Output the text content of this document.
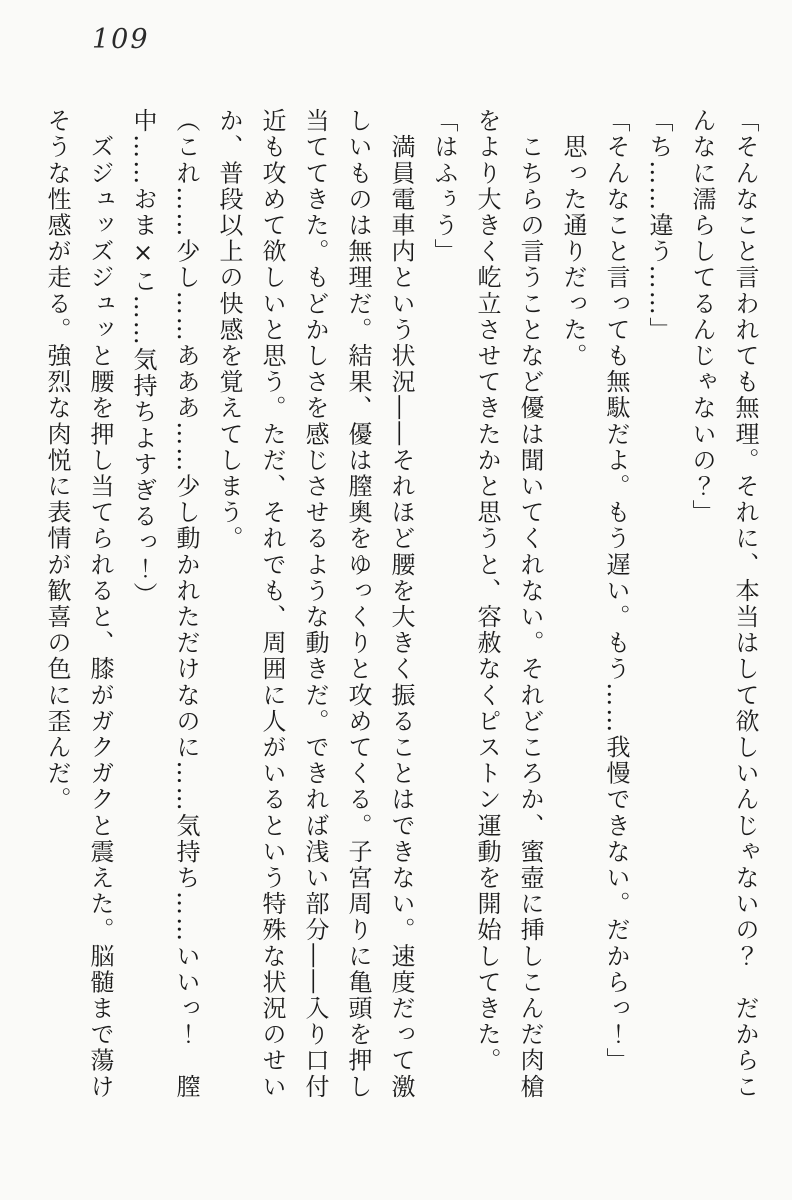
109

「そんなこと言われても無理。それに、本当はして欲しいんじゃないの？　だからこんなに濡らしてるんじゃないの？」

「ち……違う……」

「そんなこと言っても無駄だよ。もう遅い。もう……我慢できない。だからっ！」

　思った通りだった。

　こちらの言うことなど優は聞いてくれない。それどころか、蜜壺に挿しこんだ肉槍をより大きく屹立させてきたかと思うと、容赦なくピストン運動を開始してきた。

「はふぅう」

　満員電車内という状況――それほど腰を大きく振ることはできない。速度だって激しいものは無理だ。結果、優は膣奥をゆっくりと攻めてくる。子宮周りに亀頭を押し当ててきた。もどかしさを感じさせるような動きだ。できれば浅い部分――入り口付近も攻めて欲しいと思う。ただ、それでも、周囲に人がいるという特殊な状況のせいか、普段以上の快感を覚えてしまう。

（これ……少し……あああ……少し動かれただけなのに……気持ち……いいっ！　膣中……おま×こ……気持ちよすぎるっ！）

　ズジュッズジュッと腰を押し当てられると、膝がガクガクと震えた。脳髄まで蕩けそうな性感が走る。強烈な肉悦に表情が歓喜の色に歪んだ。
